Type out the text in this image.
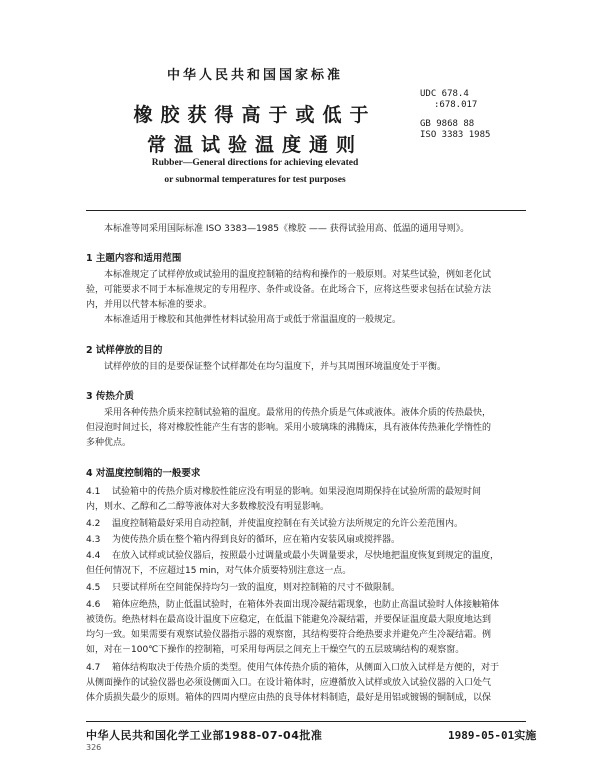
中华人民共和国国家标准
橡胶获得高于或低于
常温试验温度通则
UDC 678.4
:678.017
GB 9868 88
ISO 3383 1985
Rubber—General directions for achieving elevated
or subnormal temperatures for test purposes
本标准等同采用国际标准 ISO 3383—1985《橡胶 —— 获得试验用高、低温的通用导则》。
1 主题内容和适用范围
本标准规定了试样停放或试验用的温度控制箱的结构和操作的一般原则。对某些试验，例如老化试
验，可能要求不同于本标准规定的专用程序、条件或设备。在此场合下，应将这些要求包括在试验方法
内，并用以代替本标准的要求。
本标准适用于橡胶和其他弹性材料试验用高于或低于常温温度的一般规定。
2 试样停放的目的
试样停放的目的是要保证整个试样都处在均匀温度下，并与其周围环境温度处于平衡。
3 传热介质
采用各种传热介质来控制试验箱的温度。最常用的传热介质是气体或液体。液体介质的传热最快，
但浸泡时间过长，将对橡胶性能产生有害的影响。采用小玻璃珠的沸腾床，具有液体传热兼化学惰性的
多种优点。
4 对温度控制箱的一般要求
4.1 试验箱中的传热介质对橡胶性能应没有明显的影响。如果浸泡周期保持在试验所需的最短时间
内，则水、乙醇和乙二醇等液体对大多数橡胶没有明显影响。
4.2 温度控制箱最好采用自动控制，并使温度控制在有关试验方法所规定的允许公差范围内。
4.3 为使传热介质在整个箱内得到良好的循环，应在箱内安装风扇或搅拌器。
4.4 在放入试样或试验仪器后，按照最小过调量或最小失调量要求，尽快地把温度恢复到规定的温度，
但任何情况下，不应超过15 min，对气体介质要特别注意这一点。
4.5 只要试样所在空间能保持均匀一致的温度，则对控制箱的尺寸不做限制。
4.6 箱体应绝热，防止低温试验时，在箱体外表面出现冷凝结霜现象，也防止高温试验时人体接触箱体
被烫伤。绝热材料在最高设计温度下应稳定，在低温下能避免冷凝结霜，并要保证温度最大限度地达到
均匀一致。如果需要有观察试验仪器指示器的观察窗，其结构要符合绝热要求并避免产生冷凝结霜。例
如，对在－100℃下操作的控制箱，可采用每两层之间充上干燥空气的五层玻璃结构的观察窗。
4.7 箱体结构取决于传热介质的类型。使用气体传热介质的箱体，从侧面入口放入试样是方便的，对于
从侧面操作的试验仪器也必须设侧面入口。在设计箱体时，应遵循放入试样或放入试验仪器的入口处气
体介质损失最少的原则。箱体的四周内壁应由热的良导体材料制造，最好是用铝或镀锡的铜制成，以保
中华人民共和国化学工业部1988-07-04批准	1989-05-01实施
326
